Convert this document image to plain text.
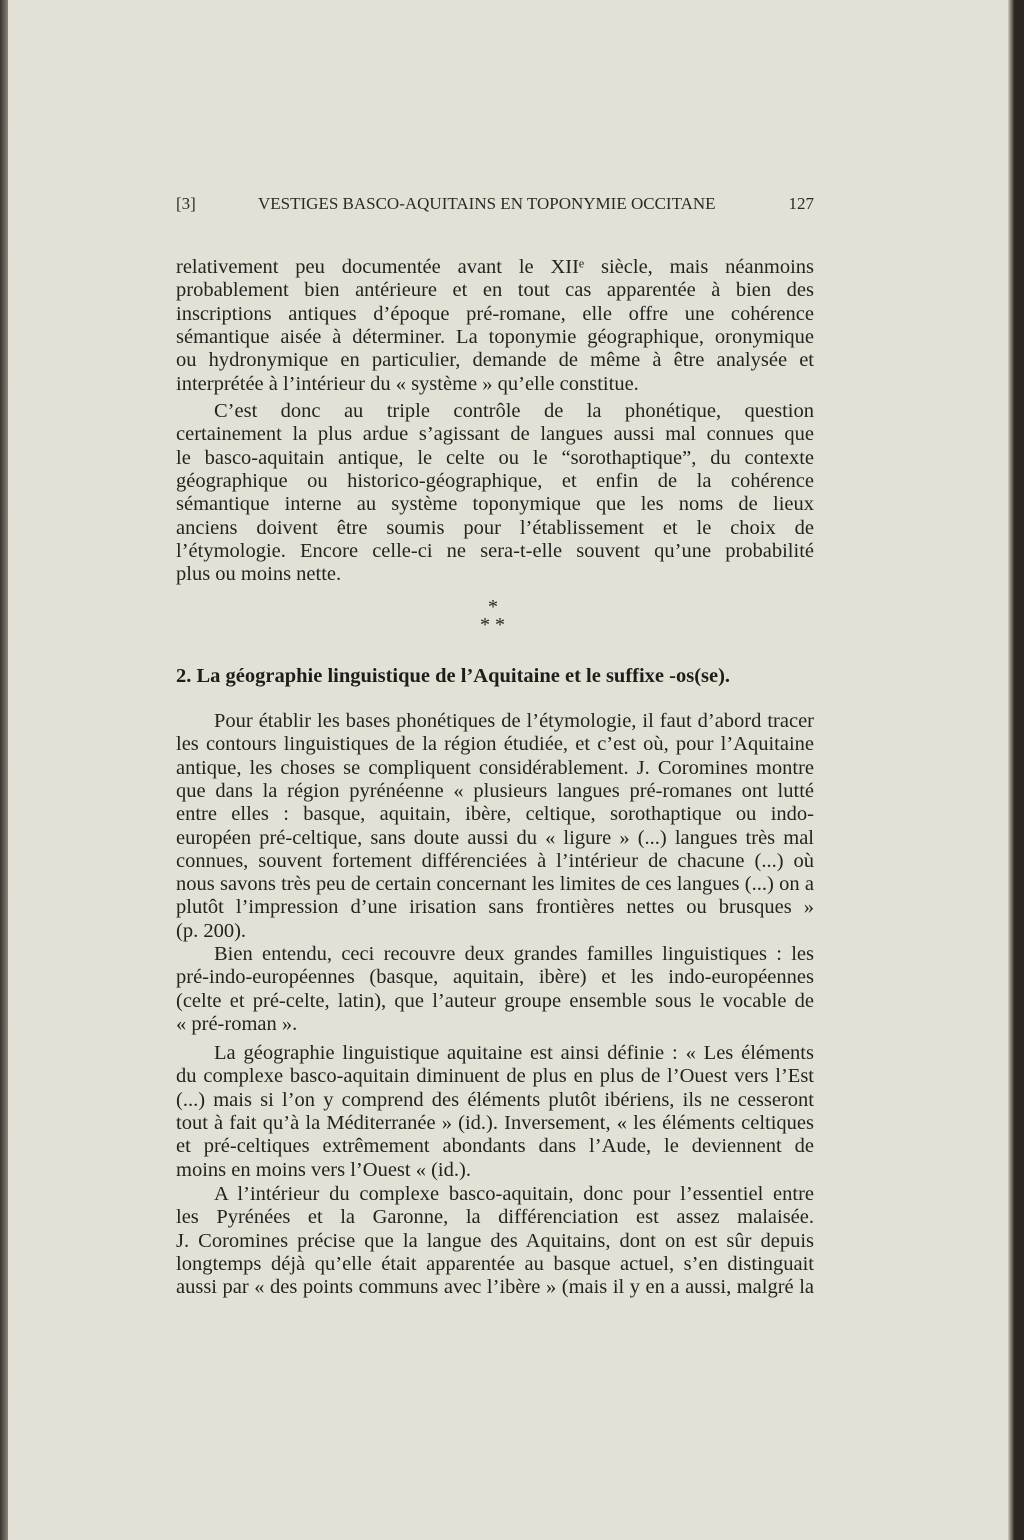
[3]	VESTIGES BASCO-AQUITAINS EN TOPONYMIE OCCITANE	127
relativement peu documentée avant le XIIᵉ siècle, mais néanmoins
probablement bien antérieure et en tout cas apparentée à bien des
inscriptions antiques d’époque pré-romane, elle offre une cohérence
sémantique aisée à déterminer. La toponymie géographique, oronymique
ou hydronymique en particulier, demande de même à être analysée et
interprétée à l’intérieur du « système » qu’elle constitue.
C’est donc au triple contrôle de la phonétique, question
certainement la plus ardue s’agissant de langues aussi mal connues que
le basco-aquitain antique, le celte ou le “sorothaptique”, du contexte
géographique ou historico-géographique, et enfin de la cohérence
sémantique interne au système toponymique que les noms de lieux
anciens doivent être soumis pour l’établissement et le choix de
l’étymologie. Encore celle-ci ne sera-t-elle souvent qu’une probabilité
plus ou moins nette.
Pour établir les bases phonétiques de l’étymologie, il faut d’abord tracer
les contours linguistiques de la région étudiée, et c’est où, pour l’Aquitaine
antique, les choses se compliquent considérablement. J. Coromines montre
que dans la région pyrénéenne « plusieurs langues pré-romanes ont lutté
entre elles : basque, aquitain, ibère, celtique, sorothaptique ou indo-
européen pré-celtique, sans doute aussi du « ligure » (...) langues très mal
connues, souvent fortement différenciées à l’intérieur de chacune (...) où
nous savons très peu de certain concernant les limites de ces langues (...) on a
plutôt l’impression d’une irisation sans frontières nettes ou brusques »
(p. 200).
Bien entendu, ceci recouvre deux grandes familles linguistiques : les
pré-indo-européennes (basque, aquitain, ibère) et les indo-européennes
(celte et pré-celte, latin), que l’auteur groupe ensemble sous le vocable de
« pré-roman ».
La géographie linguistique aquitaine est ainsi définie : « Les éléments
du complexe basco-aquitain diminuent de plus en plus de l’Ouest vers l’Est
(...) mais si l’on y comprend des éléments plutôt ibériens, ils ne cesseront
tout à fait qu’à la Méditerranée » (id.). Inversement, « les éléments celtiques
et pré-celtiques extrêmement abondants dans l’Aude, le deviennent de
moins en moins vers l’Ouest « (id.).
A l’intérieur du complexe basco-aquitain, donc pour l’essentiel entre
les Pyrénées et la Garonne, la différenciation est assez malaisée.
J. Coromines précise que la langue des Aquitains, dont on est sûr depuis
longtemps déjà qu’elle était apparentée au basque actuel, s’en distinguait
aussi par « des points communs avec l’ibère » (mais il y en a aussi, malgré la
*
* *
2. La géographie linguistique de l’Aquitaine et le suffixe -os(se).
